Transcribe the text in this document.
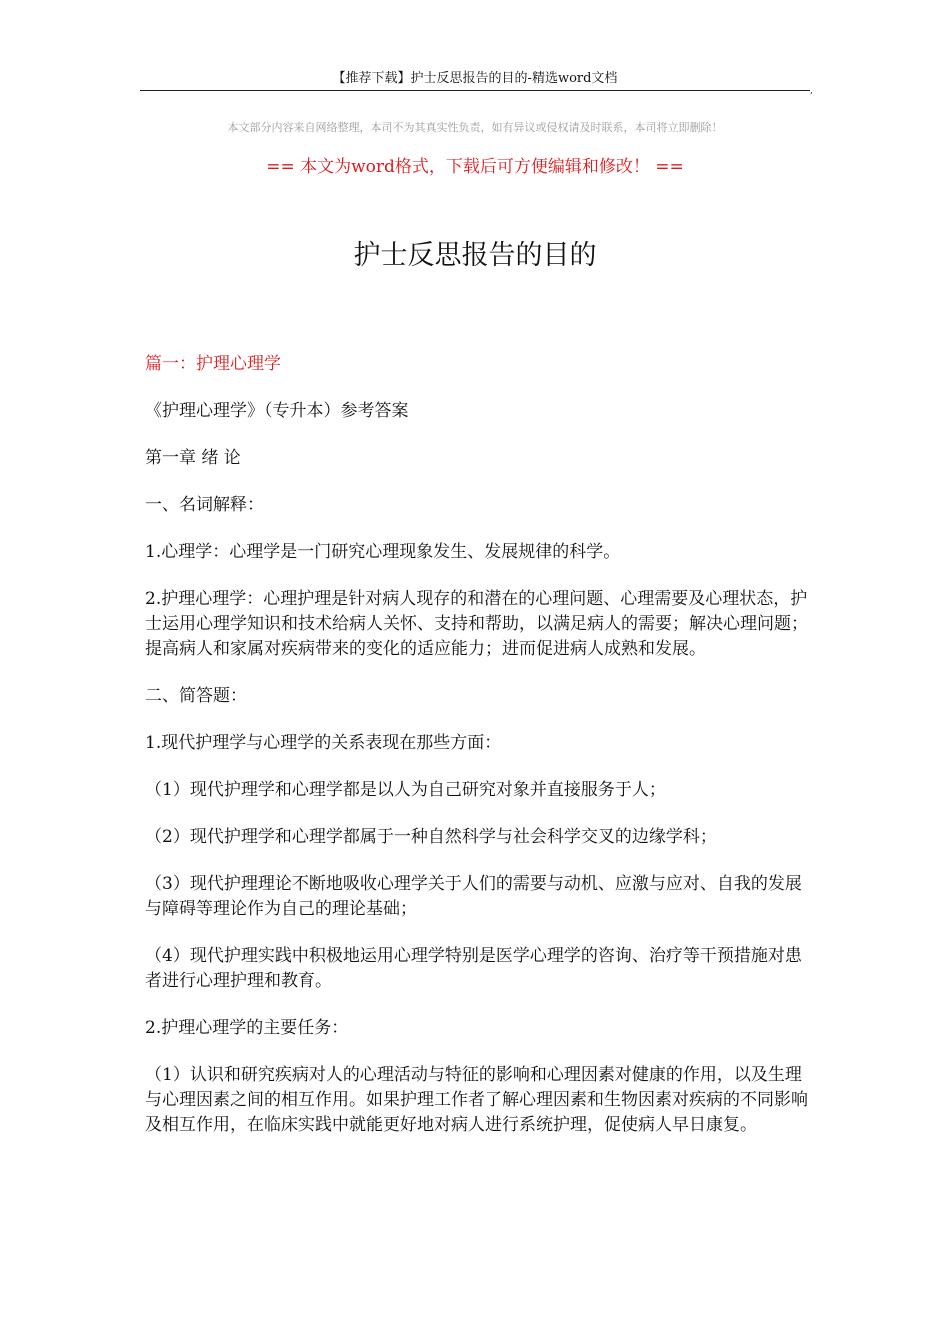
【推荐下载】护士反思报告的目的-精选word文档
,
本文部分内容来自网络整理，本司不为其真实性负责，如有异议或侵权请及时联系，本司将立即删除！
== 本文为word格式，下载后可方便编辑和修改！ ==
护士反思报告的目的

篇一：护理心理学

《护理心理学》（专升本）参考答案

第一章 绪 论

一、名词解释：

1.心理学：心理学是一门研究心理现象发生、发展规律的科学。

2.护理心理学：心理护理是针对病人现存的和潜在的心理问题、心理需要及心理状态，护士运用心理学知识和技术给病人关怀、支持和帮助，以满足病人的需要；解决心理问题；提高病人和家属对疾病带来的变化的适应能力；进而促进病人成熟和发展。

二、简答题：

1.现代护理学与心理学的关系表现在那些方面：

（1）现代护理学和心理学都是以人为自己研究对象并直接服务于人；

（2）现代护理学和心理学都属于一种自然科学与社会科学交叉的边缘学科；

（3）现代护理理论不断地吸收心理学关于人们的需要与动机、应激与应对、自我的发展与障碍等理论作为自己的理论基础；

（4）现代护理实践中积极地运用心理学特别是医学心理学的咨询、治疗等干预措施对患者进行心理护理和教育。

2.护理心理学的主要任务：

（1）认识和研究疾病对人的心理活动与特征的影响和心理因素对健康的作用，以及生理与心理因素之间的相互作用。如果护理工作者了解心理因素和生物因素对疾病的不同影响及相互作用，在临床实践中就能更好地对病人进行系统护理，促使病人早日康复。
